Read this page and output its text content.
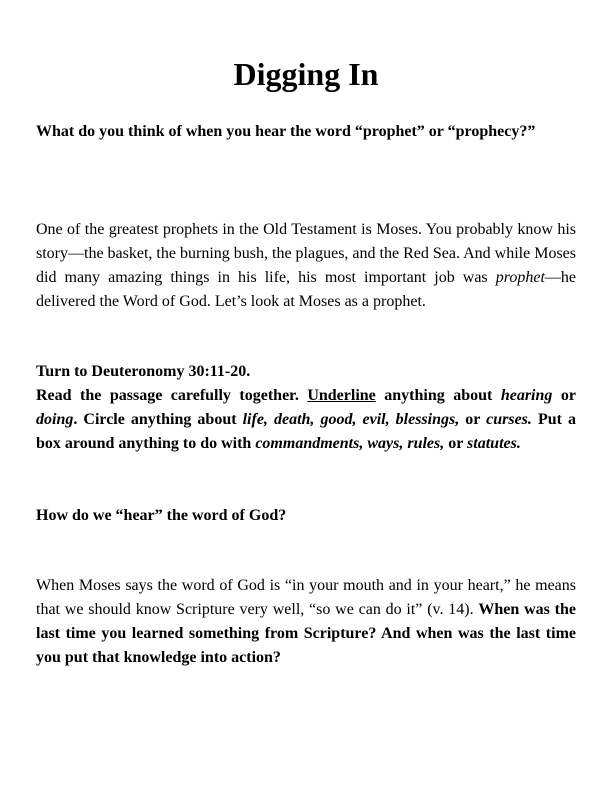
Digging In

What do you think of when you hear the word “prophet” or “prophecy?”

One of the greatest prophets in the Old Testament is Moses. You probably know his story—the basket, the burning bush, the plagues, and the Red Sea. And while Moses did many amazing things in his life, his most important job was prophet—he delivered the Word of God. Let’s look at Moses as a prophet.

Turn to Deuteronomy 30:11-20.

Read the passage carefully together. Underline anything about hearing or doing. Circle anything about life, death, good, evil, blessings, or curses. Put a box around anything to do with commandments, ways, rules, or statutes.

How do we “hear” the word of God?

When Moses says the word of God is “in your mouth and in your heart,” he means that we should know Scripture very well, “so we can do it” (v. 14). When was the last time you learned something from Scripture? And when was the last time you put that knowledge into action?
